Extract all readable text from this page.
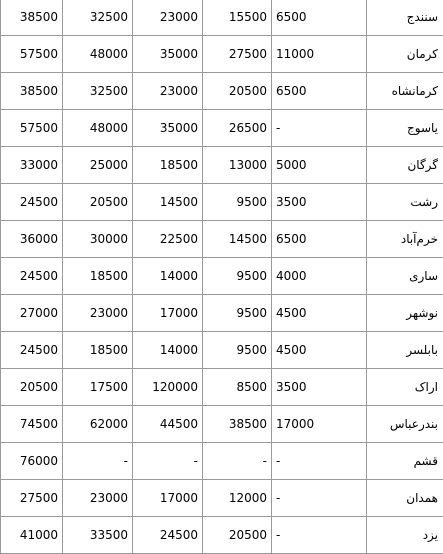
سنندج	6500	15500	23000	32500	38500
کرمان	11000	27500	35000	48000	57500
کرمانشاه	6500	20500	23000	32500	38500
یاسوج	-	26500	35000	48000	57500
گرگان	5000	13000	18500	25000	33000
رشت	3500	9500	14500	20500	24500
خرم‌آباد	6500	14500	22500	30000	36000
ساری	4000	9500	14000	18500	24500
نوشهر	4500	9500	17000	23000	27000
بابلسر	4500	9500	14000	18500	24500
اراک	3500	8500	120000	17500	20500
بندرعباس	17000	38500	44500	62000	74500
قشم	-	-	-	-	76000
همدان	-	12000	17000	23000	27500
یزد	-	20500	24500	33500	41000
